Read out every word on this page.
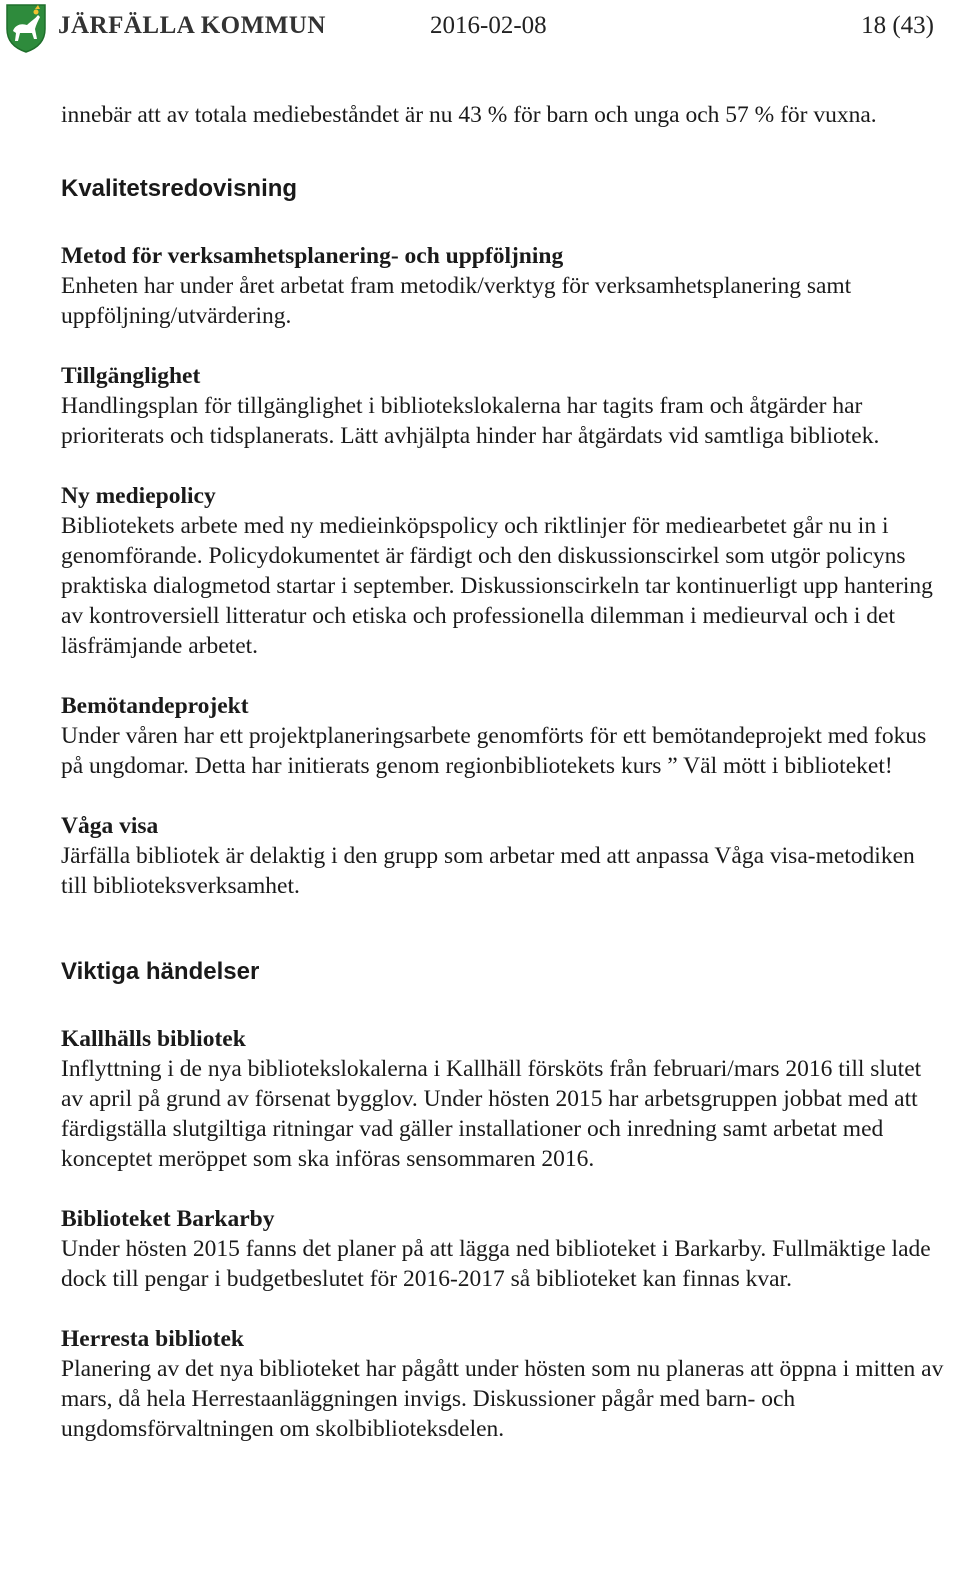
JÄRFÄLLA KOMMUN	2016-02-08	18 (43)

innebär att av totala mediebeståndet är nu 43 % för barn och unga och 57 % för vuxna.

Kvalitetsredovisning
Metod för verksamhetsplanering- och uppföljning

Enheten har under året arbetat fram metodik/verktyg för verksamhetsplanering samt uppföljning/utvärdering.

Tillgänglighet

Handlingsplan för tillgänglighet i bibliotekslokalerna har tagits fram och åtgärder har prioriterats och tidsplanerats. Lätt avhjälpta hinder har åtgärdats vid samtliga bibliotek.

Ny mediepolicy

Bibliotekets arbete med ny medieinköpspolicy och riktlinjer för mediearbetet går nu in i genomförande. Policydokumentet är färdigt och den diskussionscirkel som utgör policyns praktiska dialogmetod startar i september. Diskussionscirkeln tar kontinuerligt upp hantering av kontroversiell litteratur och etiska och professionella dilemman i medieurval och i det läsfrämjande arbetet.

Bemötandeprojekt

Under våren har ett projektplaneringsarbete genomförts för ett bemötandeprojekt med fokus på ungdomar. Detta har initierats genom regionbibliotekets kurs ” Väl mött i biblioteket!

Våga visa

Järfälla bibliotek är delaktig i den grupp som arbetar med att anpassa Våga visa-metodiken till biblioteksverksamhet.

Viktiga händelser
Kallhälls bibliotek

Inflyttning i de nya bibliotekslokalerna i Kallhäll försköts från februari/mars 2016 till slutet av april på grund av försenat bygglov. Under hösten 2015 har arbetsgruppen jobbat med att färdigställa slutgiltiga ritningar vad gäller installationer och inredning samt arbetat med konceptet meröppet som ska införas sensommaren 2016.

Biblioteket Barkarby

Under hösten 2015 fanns det planer på att lägga ned biblioteket i Barkarby. Fullmäktige lade dock till pengar i budgetbeslutet för 2016-2017 så biblioteket kan finnas kvar.

Herresta bibliotek

Planering av det nya biblioteket har pågått under hösten som nu planeras att öppna i mitten av mars, då hela Herrestaanläggningen invigs. Diskussioner pågår med barn- och ungdomsförvaltningen om skolbiblioteksdelen.
